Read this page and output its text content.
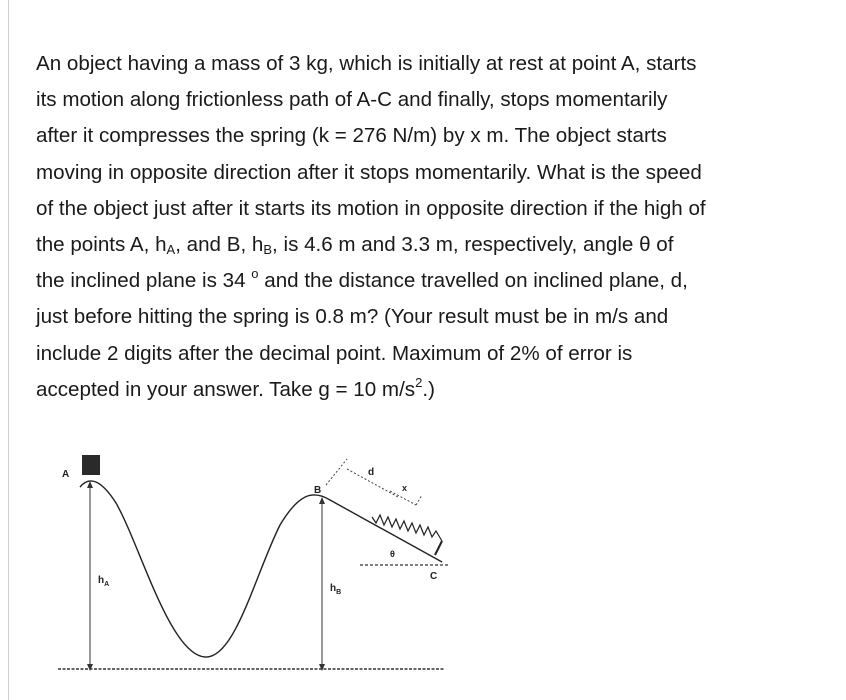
An object having a mass of 3 kg, which is initially at rest at point A, starts
its motion along frictionless path of A-C and finally, stops momentarily
after it compresses the spring (k = 276 N/m) by x m. The object starts
moving in opposite direction after it stops momentarily. What is the speed
of the object just after it starts its motion in opposite direction if the high of
the points A, $h_A$, and B, $h_B$, is 4.6 m and 3.3 m, respectively, angle θ of
the inclined plane is 34 $^o$ and the distance travelled on inclined plane, d,
just before hitting the spring is 0.8 m? (Your result must be in m/s and
include 2 digits after the decimal point. Maximum of 2% of error is
accepted in your answer. Take g = 10 $m/s^2$.)

A
$h_A$
B
$h_B$
d
x
θ
C
